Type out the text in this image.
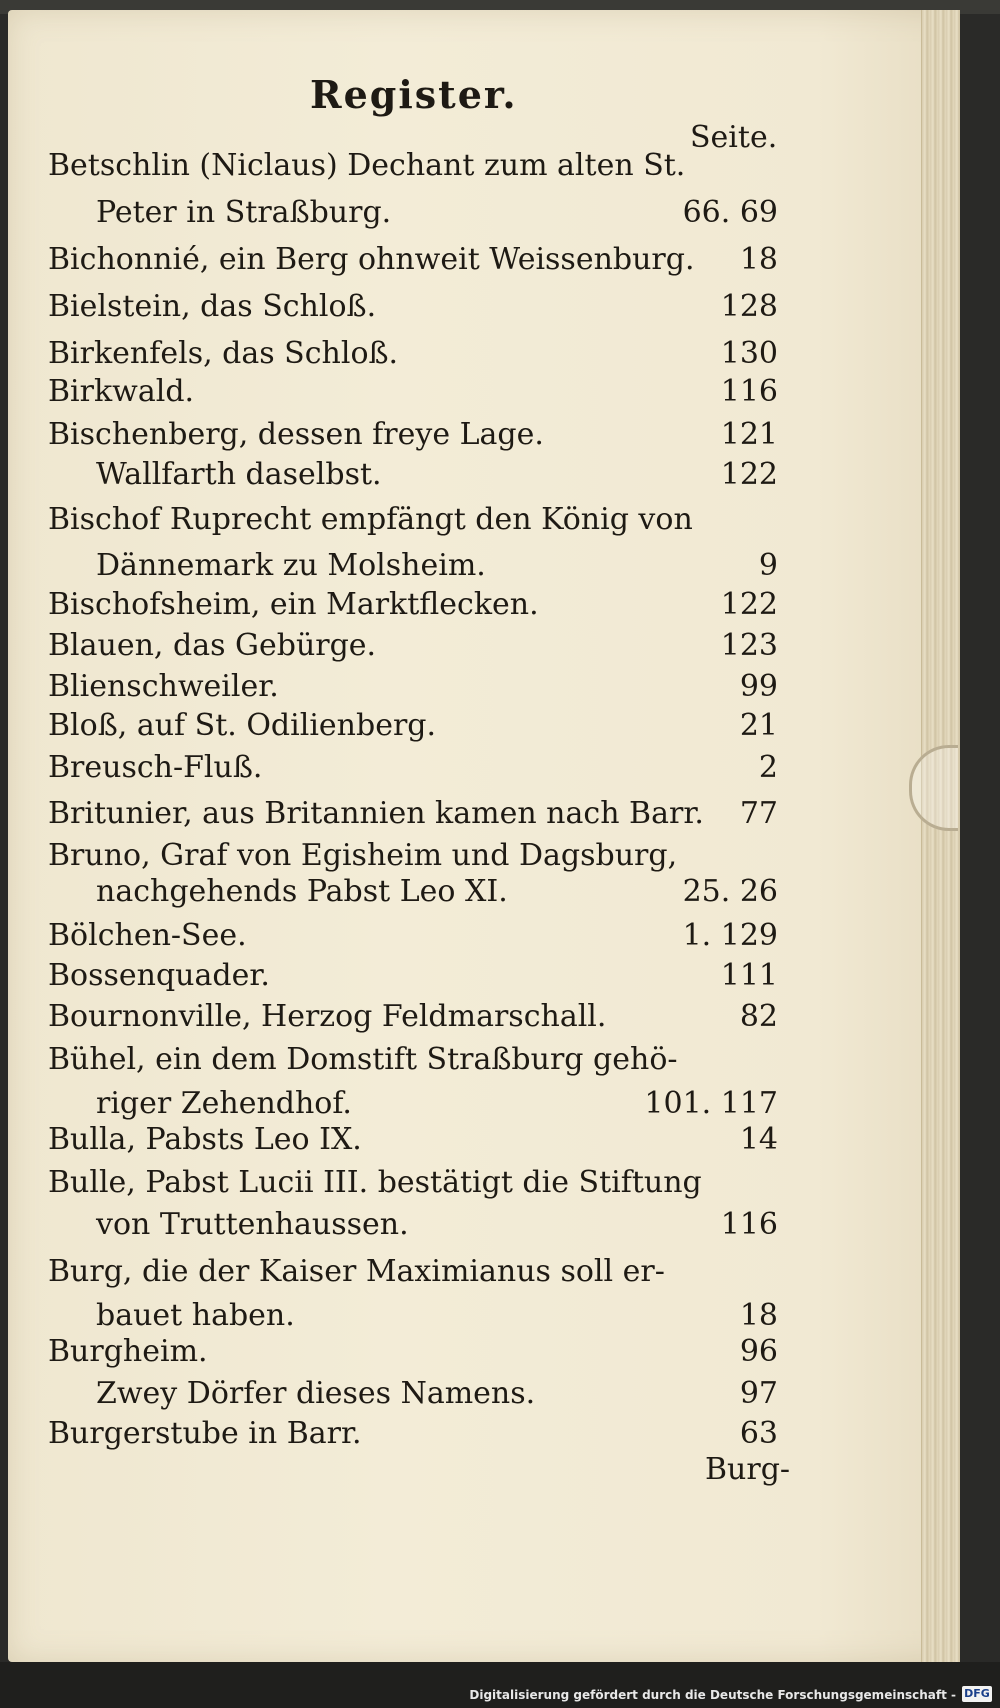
Register.
Seite.
Betschlin (Niclaus) Dechant zum alten St.
Peter in Straßburg.	66. 69
Bichonnié, ein Berg ohnweit Weissenburg. 18
Bielstein, das Schloß.	128
Birkenfels, das Schloß.	130
Birkwald.	116
Bischenberg, dessen freye Lage.	121
Wallfarth daselbst.	122
Bischof Ruprecht empfängt den König von
Dännemark zu Molsheim.	9
Bischofsheim, ein Marktflecken.	122
Blauen, das Gebürge.	123
Blienschweiler.	99
Bloß, auf St. Odilienberg.	21
Breusch-Fluß.	2
Britunier, aus Britannien kamen nach Barr. 77
Bruno, Graf von Egisheim und Dagsburg,
nachgehends Pabst Leo XI.	25. 26
Bölchen-See.	1. 129
Bossenquader.	111
Bournonville, Herzog Feldmarschall.	82
Bühel, ein dem Domstift Straßburg gehö-
riger Zehendhof.	101. 117
Bulla, Pabsts Leo IX.	14
Bulle, Pabst Lucii III. bestätigt die Stiftung
von Truttenhaussen.	116
Burg, die der Kaiser Maximianus soll er-
bauet haben.	18
Burgheim.	96
Zwey Dörfer dieses Namens.	97
Burgerstube in Barr.	63
Burg-
Digitalisierung gefördert durch die Deutsche Forschungsgemeinschaft - DFG
